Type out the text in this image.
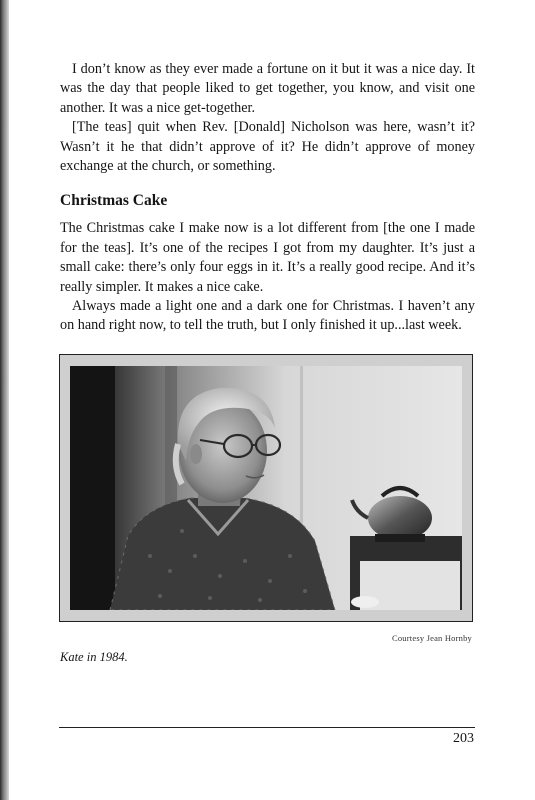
I don’t know as they ever made a fortune on it but it was a nice day. It was the day that people liked to get together, you know, and visit one another. It was a nice get-together.

[The teas] quit when Rev. [Donald] Nicholson was here, wasn’t it? Wasn’t it he that didn’t approve of it? He didn’t approve of money exchange at the church, or something.

Christmas Cake

The Christmas cake I make now is a lot different from [the one I made for the teas]. It’s one of the recipes I got from my daughter. It’s just a small cake: there’s only four eggs in it. It’s a really good recipe. And it’s really simpler. It makes a nice cake.

Always made a light one and a dark one for Christmas. I haven’t any on hand right now, to tell the truth, but I only finished it up...last week.

Courtesy Jean Hornby
Kate in 1984.
203
